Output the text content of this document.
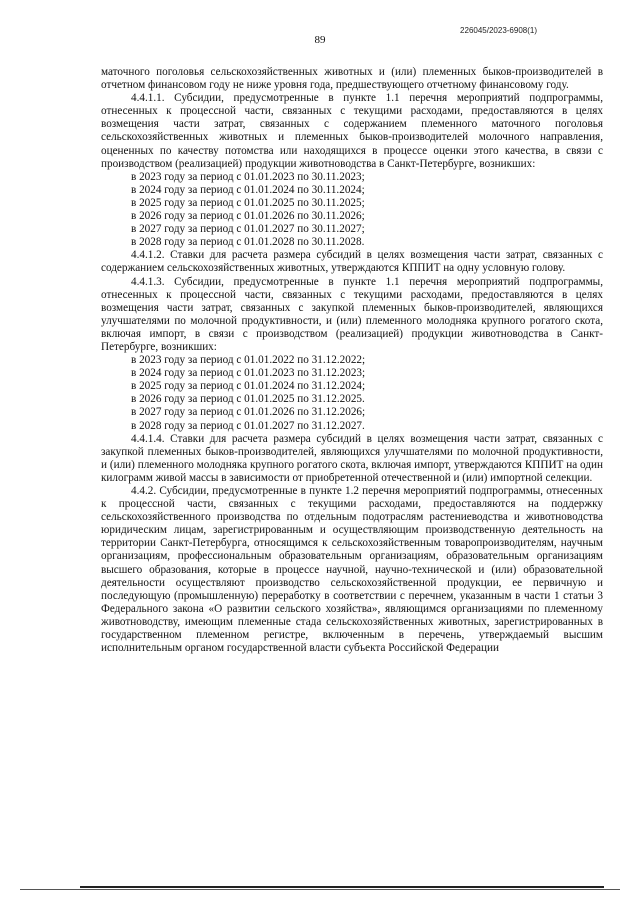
226045/2023-6908(1)
89

маточного поголовья сельскохозяйственных животных и (или) племенных быков-производителей в отчетном финансовом году не ниже уровня года, предшествующего отчетному финансовому году.

4.4.1.1. Субсидии, предусмотренные в пункте 1.1 перечня мероприятий подпрограммы, отнесенных к процессной части, связанных с текущими расходами, предоставляются в целях возмещения части затрат, связанных с содержанием племенного маточного поголовья сельскохозяйственных животных и племенных быков-производителей молочного направления, оцененных по качеству потомства или находящихся в процессе оценки этого качества, в связи с производством (реализацией) продукции животноводства в Санкт-Петербурге, возникших:

в 2023 году за период с 01.01.2023 по 30.11.2023;

в 2024 году за период с 01.01.2024 по 30.11.2024;

в 2025 году за период с 01.01.2025 по 30.11.2025;

в 2026 году за период с 01.01.2026 по 30.11.2026;

в 2027 году за период с 01.01.2027 по 30.11.2027;

в 2028 году за период с 01.01.2028 по 30.11.2028.

4.4.1.2. Ставки для расчета размера субсидий в целях возмещения части затрат, связанных с содержанием сельскохозяйственных животных, утверждаются КППИТ на одну условную голову.

4.4.1.3. Субсидии, предусмотренные в пункте 1.1 перечня мероприятий подпрограммы, отнесенных к процессной части, связанных с текущими расходами, предоставляются в целях возмещения части затрат, связанных с закупкой племенных быков-производителей, являющихся улучшателями по молочной продуктивности, и (или) племенного молодняка крупного рогатого скота, включая импорт, в связи с производством (реализацией) продукции животноводства в Санкт-Петербурге, возникших:

в 2023 году за период с 01.01.2022 по 31.12.2022;

в 2024 году за период с 01.01.2023 по 31.12.2023;

в 2025 году за период с 01.01.2024 по 31.12.2024;

в 2026 году за период с 01.01.2025 по 31.12.2025.

в 2027 году за период с 01.01.2026 по 31.12.2026;

в 2028 году за период с 01.01.2027 по 31.12.2027.

4.4.1.4. Ставки для расчета размера субсидий в целях возмещения части затрат, связанных с закупкой племенных быков-производителей, являющихся улучшателями по молочной продуктивности, и (или) племенного молодняка крупного рогатого скота, включая импорт, утверждаются КППИТ на один килограмм живой массы в зависимости от приобретенной отечественной и (или) импортной селекции.

4.4.2. Субсидии, предусмотренные в пункте 1.2 перечня мероприятий подпрограммы, отнесенных к процессной части, связанных с текущими расходами, предоставляются на поддержку сельскохозяйственного производства по отдельным подотраслям растениеводства и животноводства юридическим лицам, зарегистрированным и осуществляющим производственную деятельность на территории Санкт-Петербурга, относящимся к сельскохозяйственным товаропроизводителям, научным организациям, профессиональным образовательным организациям, образовательным организациям высшего образования, которые в процессе научной, научно-технической и (или) образовательной деятельности осуществляют производство сельскохозяйственной продукции, ее первичную и последующую (промышленную) переработку в соответствии с перечнем, указанным в части 1 статьи 3 Федерального закона «О развитии сельского хозяйства», являющимся организациями по племенному животноводству, имеющим племенные стада сельскохозяйственных животных, зарегистрированных в государственном племенном регистре, включенным в перечень, утверждаемый высшим исполнительным органом государственной власти субъекта Российской Федерации
